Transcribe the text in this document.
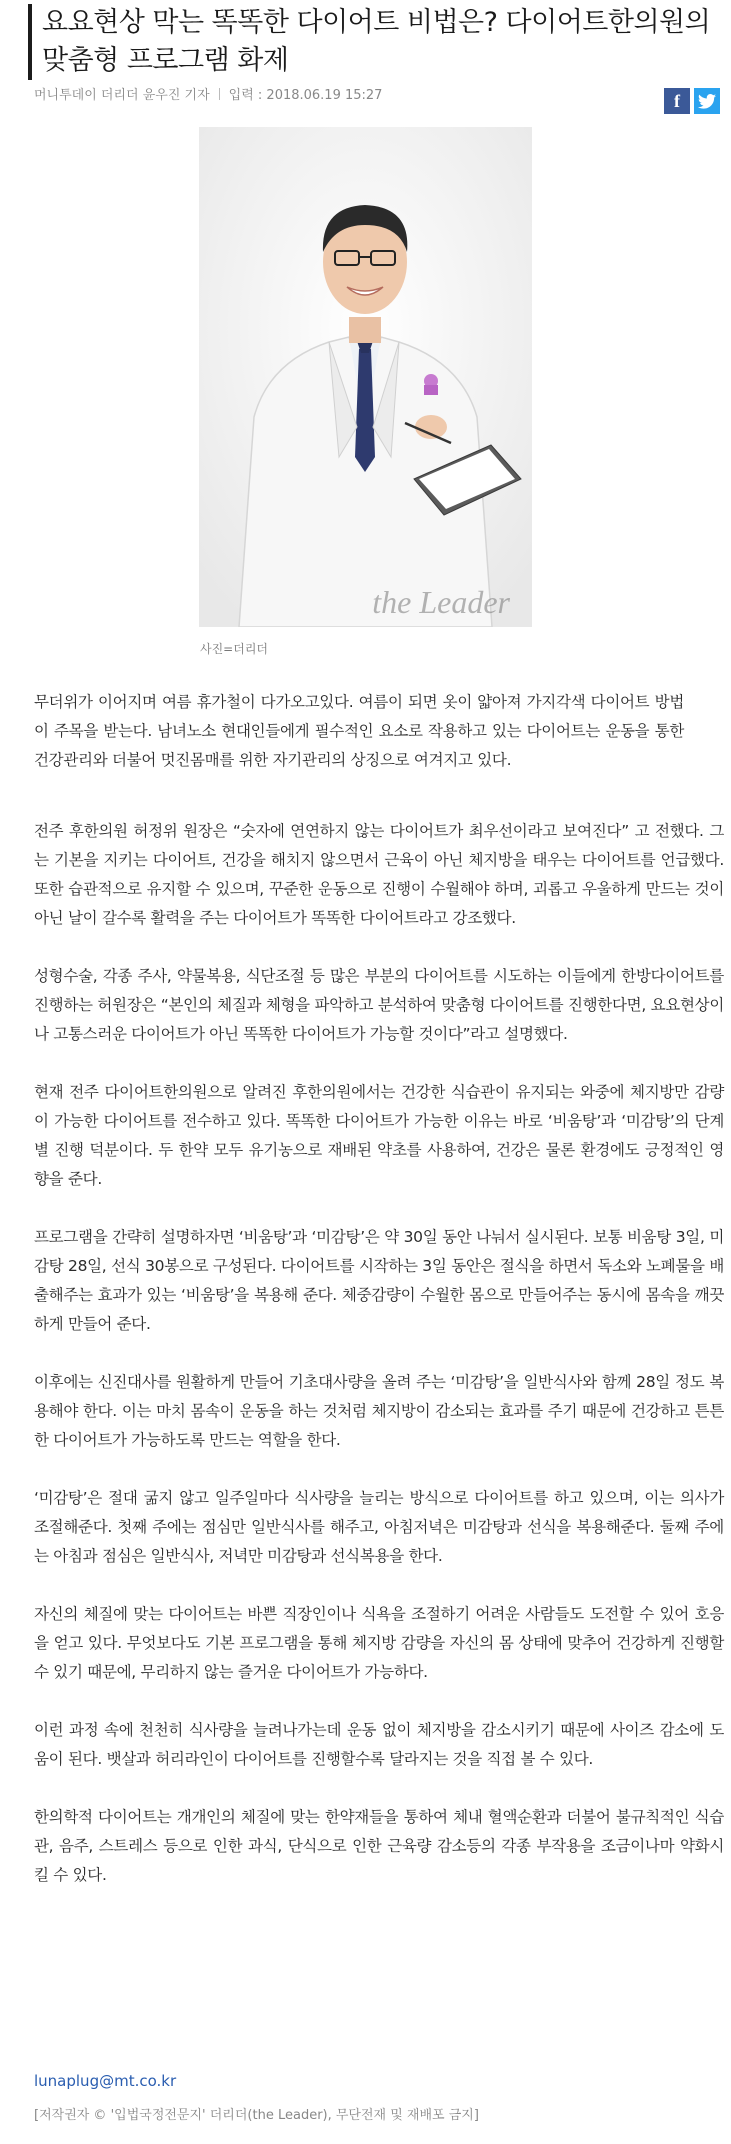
요요현상 막는 똑똑한 다이어트 비법은? 다이어트한의원의 맞춤형 프로그램 화제
머니투데이 더리더 윤우진 기자 입력 : 2018.06.19 15:27	f
the Leader
사진=더리더

무더위가 이어지며 여름 휴가철이 다가오고있다. 여름이 되면 옷이 얇아져 가지각색 다이어트 방법이 주목을 받는다. 남녀노소 현대인들에게 필수적인 요소로 작용하고 있는 다이어트는 운동을 통한 건강관리와 더불어 멋진몸매를 위한 자기관리의 상징으로 여겨지고 있다.

전주 후한의원 허정위 원장은 “숫자에 연연하지 않는 다이어트가 최우선이라고 보여진다” 고 전했다. 그는 기본을 지키는 다이어트, 건강을 해치지 않으면서 근육이 아닌 체지방을 태우는 다이어트를 언급했다. 또한 습관적으로 유지할 수 있으며, 꾸준한 운동으로 진행이 수월해야 하며, 괴롭고 우울하게 만드는 것이 아닌 날이 갈수록 활력을 주는 다이어트가 똑똑한 다이어트라고 강조했다.

성형수술, 각종 주사, 약물복용, 식단조절 등 많은 부분의 다이어트를 시도하는 이들에게 한방다이어트를 진행하는 허원장은 “본인의 체질과 체형을 파악하고 분석하여 맞춤형 다이어트를 진행한다면, 요요현상이나 고통스러운 다이어트가 아닌 똑똑한 다이어트가 가능할 것이다”라고 설명했다.

현재 전주 다이어트한의원으로 알려진 후한의원에서는 건강한 식습관이 유지되는 와중에 체지방만 감량이 가능한 다이어트를 전수하고 있다. 똑똑한 다이어트가 가능한 이유는 바로 ‘비움탕’과 ‘미감탕’의 단계별 진행 덕분이다. 두 한약 모두 유기농으로 재배된 약초를 사용하여, 건강은 물론 환경에도 긍정적인 영향을 준다.

프로그램을 간략히 설명하자면 ‘비움탕’과 ‘미감탕’은 약 30일 동안 나눠서 실시된다. 보통 비움탕 3일, 미감탕 28일, 선식 30봉으로 구성된다. 다이어트를 시작하는 3일 동안은 절식을 하면서 독소와 노폐물을 배출해주는 효과가 있는 ‘비움탕’을 복용해 준다. 체중감량이 수월한 몸으로 만들어주는 동시에 몸속을 깨끗하게 만들어 준다.

이후에는 신진대사를 원활하게 만들어 기초대사량을 올려 주는 ‘미감탕’을 일반식사와 함께 28일 정도 복용해야 한다. 이는 마치 몸속이 운동을 하는 것처럼 체지방이 감소되는 효과를 주기 때문에 건강하고 튼튼한 다이어트가 가능하도록 만드는 역할을 한다.

‘미감탕’은 절대 굶지 않고 일주일마다 식사량을 늘리는 방식으로 다이어트를 하고 있으며, 이는 의사가 조절해준다. 첫째 주에는 점심만 일반식사를 해주고, 아침저녁은 미감탕과 선식을 복용해준다. 둘째 주에는 아침과 점심은 일반식사, 저녁만 미감탕과 선식복용을 한다.

자신의 체질에 맞는 다이어트는 바쁜 직장인이나 식욕을 조절하기 어려운 사람들도 도전할 수 있어 호응을 얻고 있다. 무엇보다도 기본 프로그램을 통해 체지방 감량을 자신의 몸 상태에 맞추어 건강하게 진행할 수 있기 때문에, 무리하지 않는 즐거운 다이어트가 가능하다.

이런 과정 속에 천천히 식사량을 늘려나가는데 운동 없이 체지방을 감소시키기 때문에 사이즈 감소에 도움이 된다. 뱃살과 허리라인이 다이어트를 진행할수록 달라지는 것을 직접 볼 수 있다.

한의학적 다이어트는 개개인의 체질에 맞는 한약재들을 통하여 체내 혈액순환과 더불어 불규칙적인 식습관, 음주, 스트레스 등으로 인한 과식, 단식으로 인한 근육량 감소등의 각종 부작용을 조금이나마 약화시킬 수 있다.

lunaplug@mt.co.kr
[저작권자 © '입법국정전문지' 더리더(the Leader), 무단전재 및 재배포 금지]
